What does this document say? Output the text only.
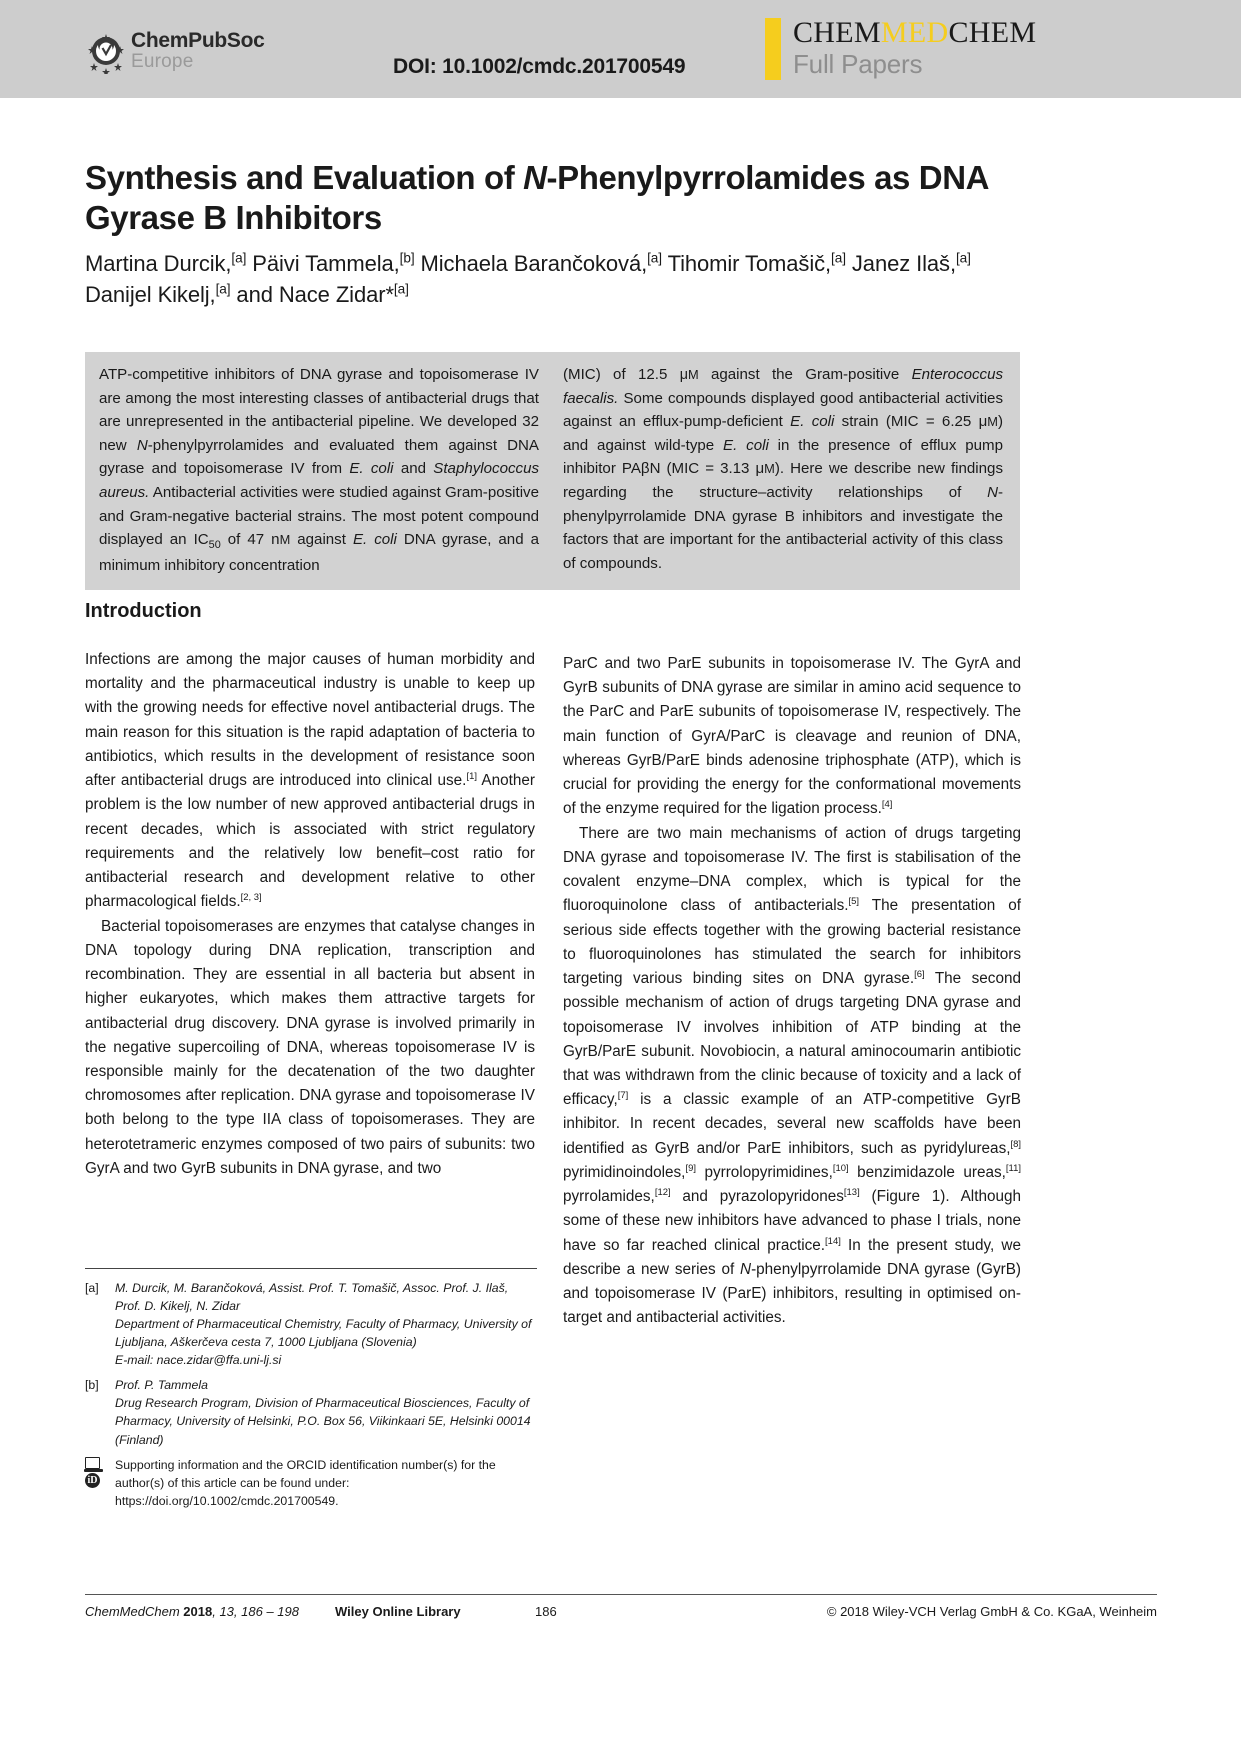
ChemPubSoc
Europe	DOI: 10.1002/cmdc.201700549
CHEMMEDCHEM
Full Papers
Synthesis and Evaluation of N-Phenylpyrrolamides as DNA Gyrase B Inhibitors
Martina Durcik,[a] Päivi Tammela,[b] Michaela Barančoková,[a] Tihomir Tomašič,[a] Janez Ilaš,[a] Danijel Kikelj,[a] and Nace Zidar*[a]
ATP-competitive inhibitors of DNA gyrase and topoisomerase IV are among the most interesting classes of antibacterial drugs that are unrepresented in the antibacterial pipeline. We developed 32 new N-phenylpyrrolamides and evaluated them against DNA gyrase and topoisomerase IV from E. coli and Staphylococcus aureus. Antibacterial activities were studied against Gram-positive and Gram-negative bacterial strains. The most potent compound displayed an $IC_{50}$ of 47 nM against E. coli DNA gyrase, and a minimum inhibitory concentration
(MIC) of 12.5 μM against the Gram-positive Enterococcus faecalis. Some compounds displayed good antibacterial activities against an efflux-pump-deficient E. coli strain (MIC = 6.25 μM) and against wild-type E. coli in the presence of efflux pump inhibitor PAβN (MIC = 3.13 μM). Here we describe new findings regarding the structure–activity relationships of N-phenylpyrrolamide DNA gyrase B inhibitors and investigate the factors that are important for the antibacterial activity of this class of compounds.
Introduction

Infections are among the major causes of human morbidity and mortality and the pharmaceutical industry is unable to keep up with the growing needs for effective novel antibacterial drugs. The main reason for this situation is the rapid adaptation of bacteria to antibiotics, which results in the development of resistance soon after antibacterial drugs are introduced into clinical use.[1] Another problem is the low number of new approved antibacterial drugs in recent decades, which is associated with strict regulatory requirements and the relatively low benefit–cost ratio for antibacterial research and development relative to other pharmacological fields.[2, 3]

Bacterial topoisomerases are enzymes that catalyse changes in DNA topology during DNA replication, transcription and recombination. They are essential in all bacteria but absent in higher eukaryotes, which makes them attractive targets for antibacterial drug discovery. DNA gyrase is involved primarily in the negative supercoiling of DNA, whereas topoisomerase IV is responsible mainly for the decatenation of the two daughter chromosomes after replication. DNA gyrase and topoisomerase IV both belong to the type IIA class of topoisomerases. They are heterotetrameric enzymes composed of two pairs of subunits: two GyrA and two GyrB subunits in DNA gyrase, and two

ParC and two ParE subunits in topoisomerase IV. The GyrA and GyrB subunits of DNA gyrase are similar in amino acid sequence to the ParC and ParE subunits of topoisomerase IV, respectively. The main function of GyrA/ParC is cleavage and reunion of DNA, whereas GyrB/ParE binds adenosine triphosphate (ATP), which is crucial for providing the energy for the conformational movements of the enzyme required for the ligation process.[4]

There are two main mechanisms of action of drugs targeting DNA gyrase and topoisomerase IV. The first is stabilisation of the covalent enzyme–DNA complex, which is typical for the fluoroquinolone class of antibacterials.[5] The presentation of serious side effects together with the growing bacterial resistance to fluoroquinolones has stimulated the search for inhibitors targeting various binding sites on DNA gyrase.[6] The second possible mechanism of action of drugs targeting DNA gyrase and topoisomerase IV involves inhibition of ATP binding at the GyrB/ParE subunit. Novobiocin, a natural aminocoumarin antibiotic that was withdrawn from the clinic because of toxicity and a lack of efficacy,[7] is a classic example of an ATP-competitive GyrB inhibitor. In recent decades, several new scaffolds have been identified as GyrB and/or ParE inhibitors, such as pyridylureas,[8] pyrimidinoindoles,[9] pyrrolopyrimidines,[10] benzimidazole ureas,[11] pyrrolamides,[12] and pyrazolopyridones[13] (Figure 1). Although some of these new inhibitors have advanced to phase I trials, none have so far reached clinical practice.[14] In the present study, we describe a new series of N-phenylpyrrolamide DNA gyrase (GyrB) and topoisomerase IV (ParE) inhibitors, resulting in optimised on-target and antibacterial activities.

[a]	M. Durcik, M. Barančoková, Assist. Prof. T. Tomašič, Assoc. Prof. J. Ilaš, Prof. D. Kikelj, N. Zidar
Department of Pharmaceutical Chemistry, Faculty of Pharmacy, University of Ljubljana, Aškerčeva cesta 7, 1000 Ljubljana (Slovenia)
E-mail: nace.zidar@ffa.uni-lj.si
[b]	Prof. P. Tammela
Drug Research Program, Division of Pharmaceutical Biosciences, Faculty of Pharmacy, University of Helsinki, P.O. Box 56, Viikinkaari 5E, Helsinki 00014 (Finland)
iD
Supporting information and the ORCID identification number(s) for the
author(s) of this article can be found under:
https://doi.org/10.1002/cmdc.201700549.
ChemMedChem 2018, 13, 186 – 198	Wiley Online Library	186	© 2018 Wiley-VCH Verlag GmbH & Co. KGaA, Weinheim
